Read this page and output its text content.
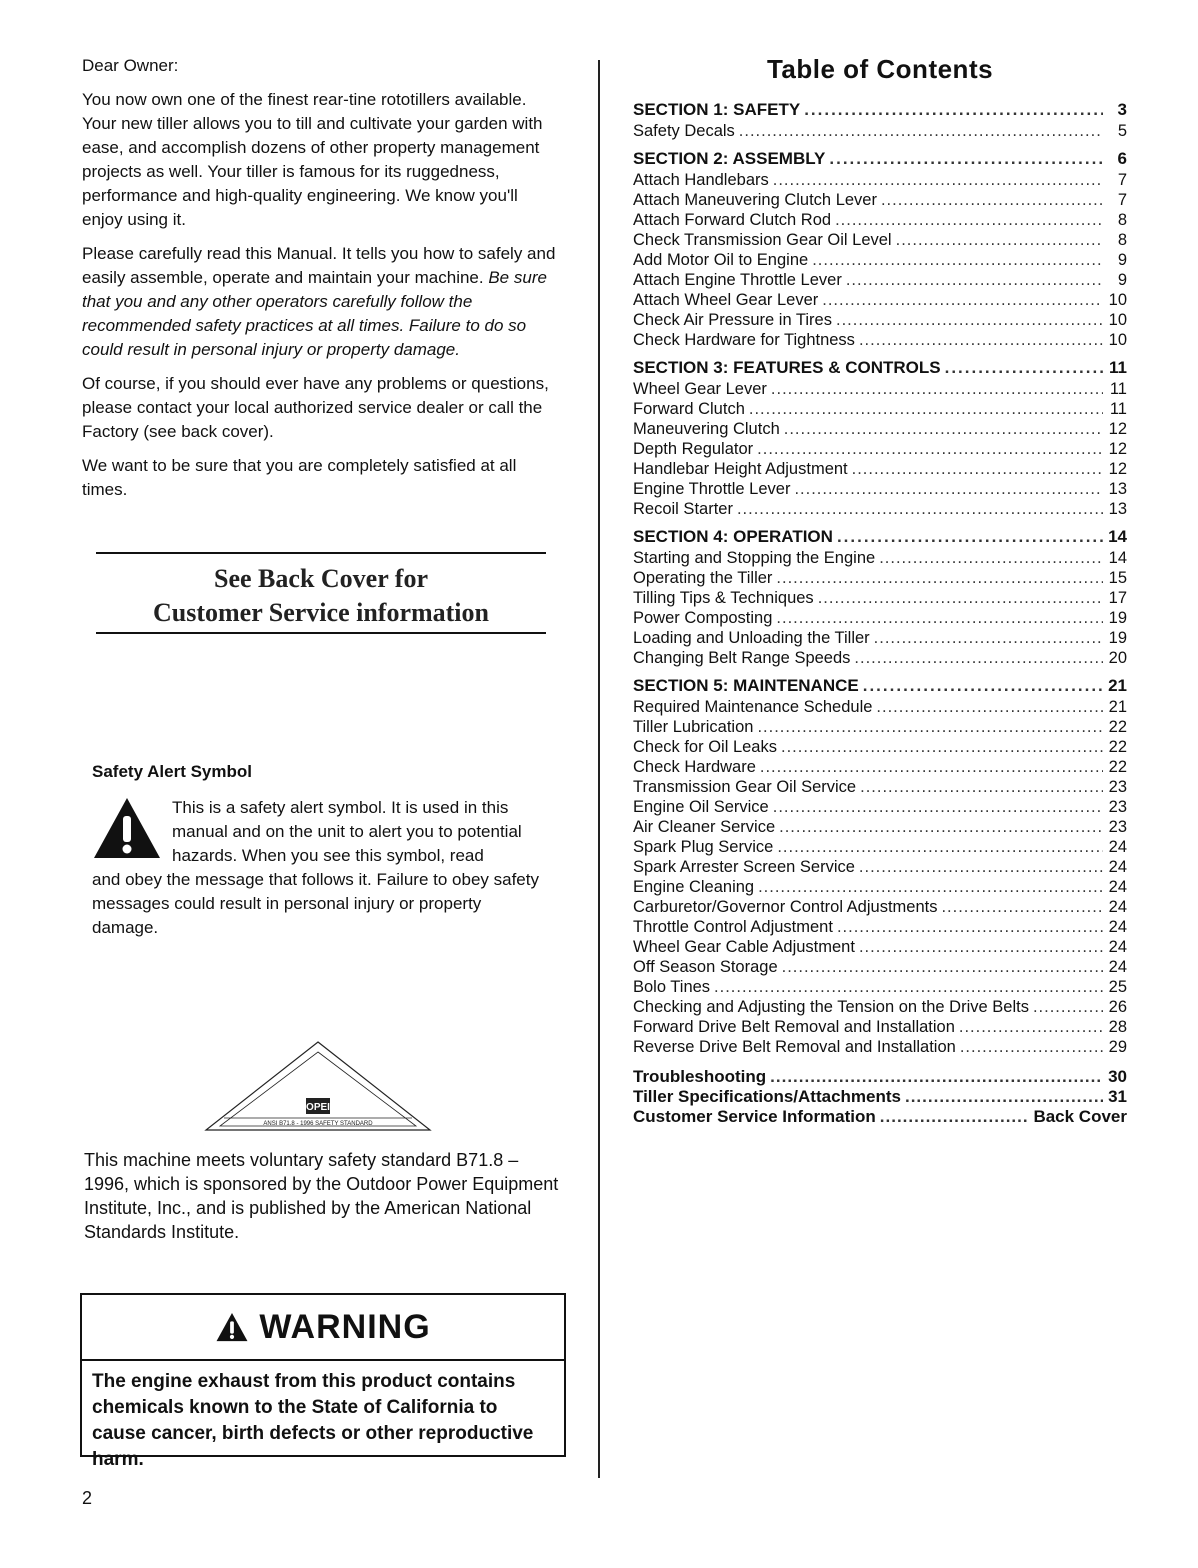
Dear Owner:

You now own one of the finest rear-tine rototillers available. Your new tiller allows you to till and cultivate your garden with ease, and accomplish dozens of other property management projects as well. Your tiller is famous for its ruggedness, performance and high-quality engineering. We know you'll enjoy using it.

Please carefully read this Manual. It tells you how to safely and easily assemble, operate and maintain your machine. Be sure that you and any other operators carefully follow the recommended safety practices at all times. Failure to do so could result in personal injury or property damage.

Of course, if you should ever have any problems or questions, please contact your local authorized service dealer or call the Factory (see back cover).

We want to be sure that you are completely satisfied at all times.

See Back Cover for
Customer Service information
Safety Alert Symbol
This is a safety alert symbol. It is used in this manual and on the unit to alert you to potential hazards. When you see this symbol, read
and obey the message that follows it. Failure to obey safety messages could result in personal injury or property damage.
OPEI
ANSI B71.8 - 1996 SAFETY STANDARD
This machine meets voluntary safety standard B71.8 – 1996, which is sponsored by the Outdoor Power Equipment Institute, Inc., and is published by the American National Standards Institute.
WARNING
The engine exhaust from this product contains chemicals known to the State of California to cause cancer, birth defects or other reproductive harm.
2
Table of Contents
SECTION 1: SAFETY .....	3
Safety Decals .....	5
SECTION 2: ASSEMBLY .....	6
Attach Handlebars .....	7
Attach Maneuvering Clutch Lever .....	7
Attach Forward Clutch Rod .....	8
Check Transmission Gear Oil Level .....	8
Add Motor Oil to Engine .....	9
Attach Engine Throttle Lever .....	9
Attach Wheel Gear Lever .....	10
Check Air Pressure in Tires .....	10
Check Hardware for Tightness .....	10
SECTION 3: FEATURES & CONTROLS .....	11
Wheel Gear Lever .....	11
Forward Clutch .....	11
Maneuvering Clutch .....	12
Depth Regulator .....	12
Handlebar Height Adjustment .....	12
Engine Throttle Lever .....	13
Recoil Starter .....	13
SECTION 4: OPERATION .....	14
Starting and Stopping the Engine .....	14
Operating the Tiller .....	15
Tilling Tips & Techniques .....	17
Power Composting .....	19
Loading and Unloading the Tiller .....	19
Changing Belt Range Speeds .....	20
SECTION 5: MAINTENANCE .....	21
Required Maintenance Schedule .....	21
Tiller Lubrication .....	22
Check for Oil Leaks .....	22
Check Hardware .....	22
Transmission Gear Oil Service .....	23
Engine Oil Service .....	23
Air Cleaner Service .....	23
Spark Plug Service .....	24
Spark Arrester Screen Service .....	24
Engine Cleaning .....	24
Carburetor/Governor Control Adjustments .....	24
Throttle Control Adjustment .....	24
Wheel Gear Cable Adjustment .....	24
Off Season Storage .....	24
Bolo Tines .....	25
Checking and Adjusting the Tension on the Drive Belts .....	26
Forward Drive Belt Removal and Installation .....	28
Reverse Drive Belt Removal and Installation .....	29
Troubleshooting .....	30
Tiller Specifications/Attachments .....	31
Customer Service Information .....	Back Cover
